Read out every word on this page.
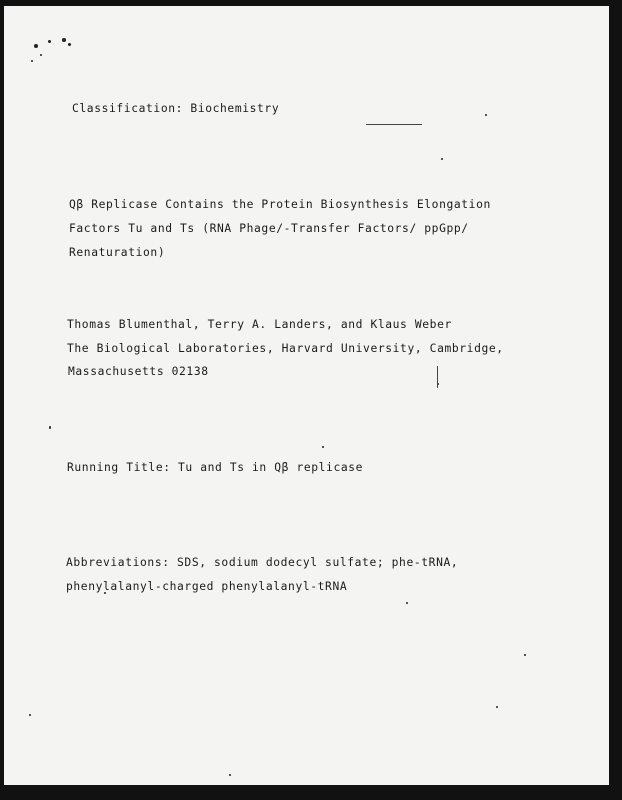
Classification: Biochemistry

Qβ Replicase Contains the Protein Biosynthesis Elongation

Factors Tu and Ts (RNA Phage/-Transfer Factors/ ppGpp/

Renaturation)

Thomas Blumenthal, Terry A. Landers, and Klaus Weber

The Biological Laboratories, Harvard University, Cambridge,

Massachusetts 02138

Running Title: Tu and Ts in Qβ replicase

Abbreviations: SDS, sodium dodecyl sulfate; phe-tRNA,

phenylalanyl-charged phenylalanyl-tRNA
